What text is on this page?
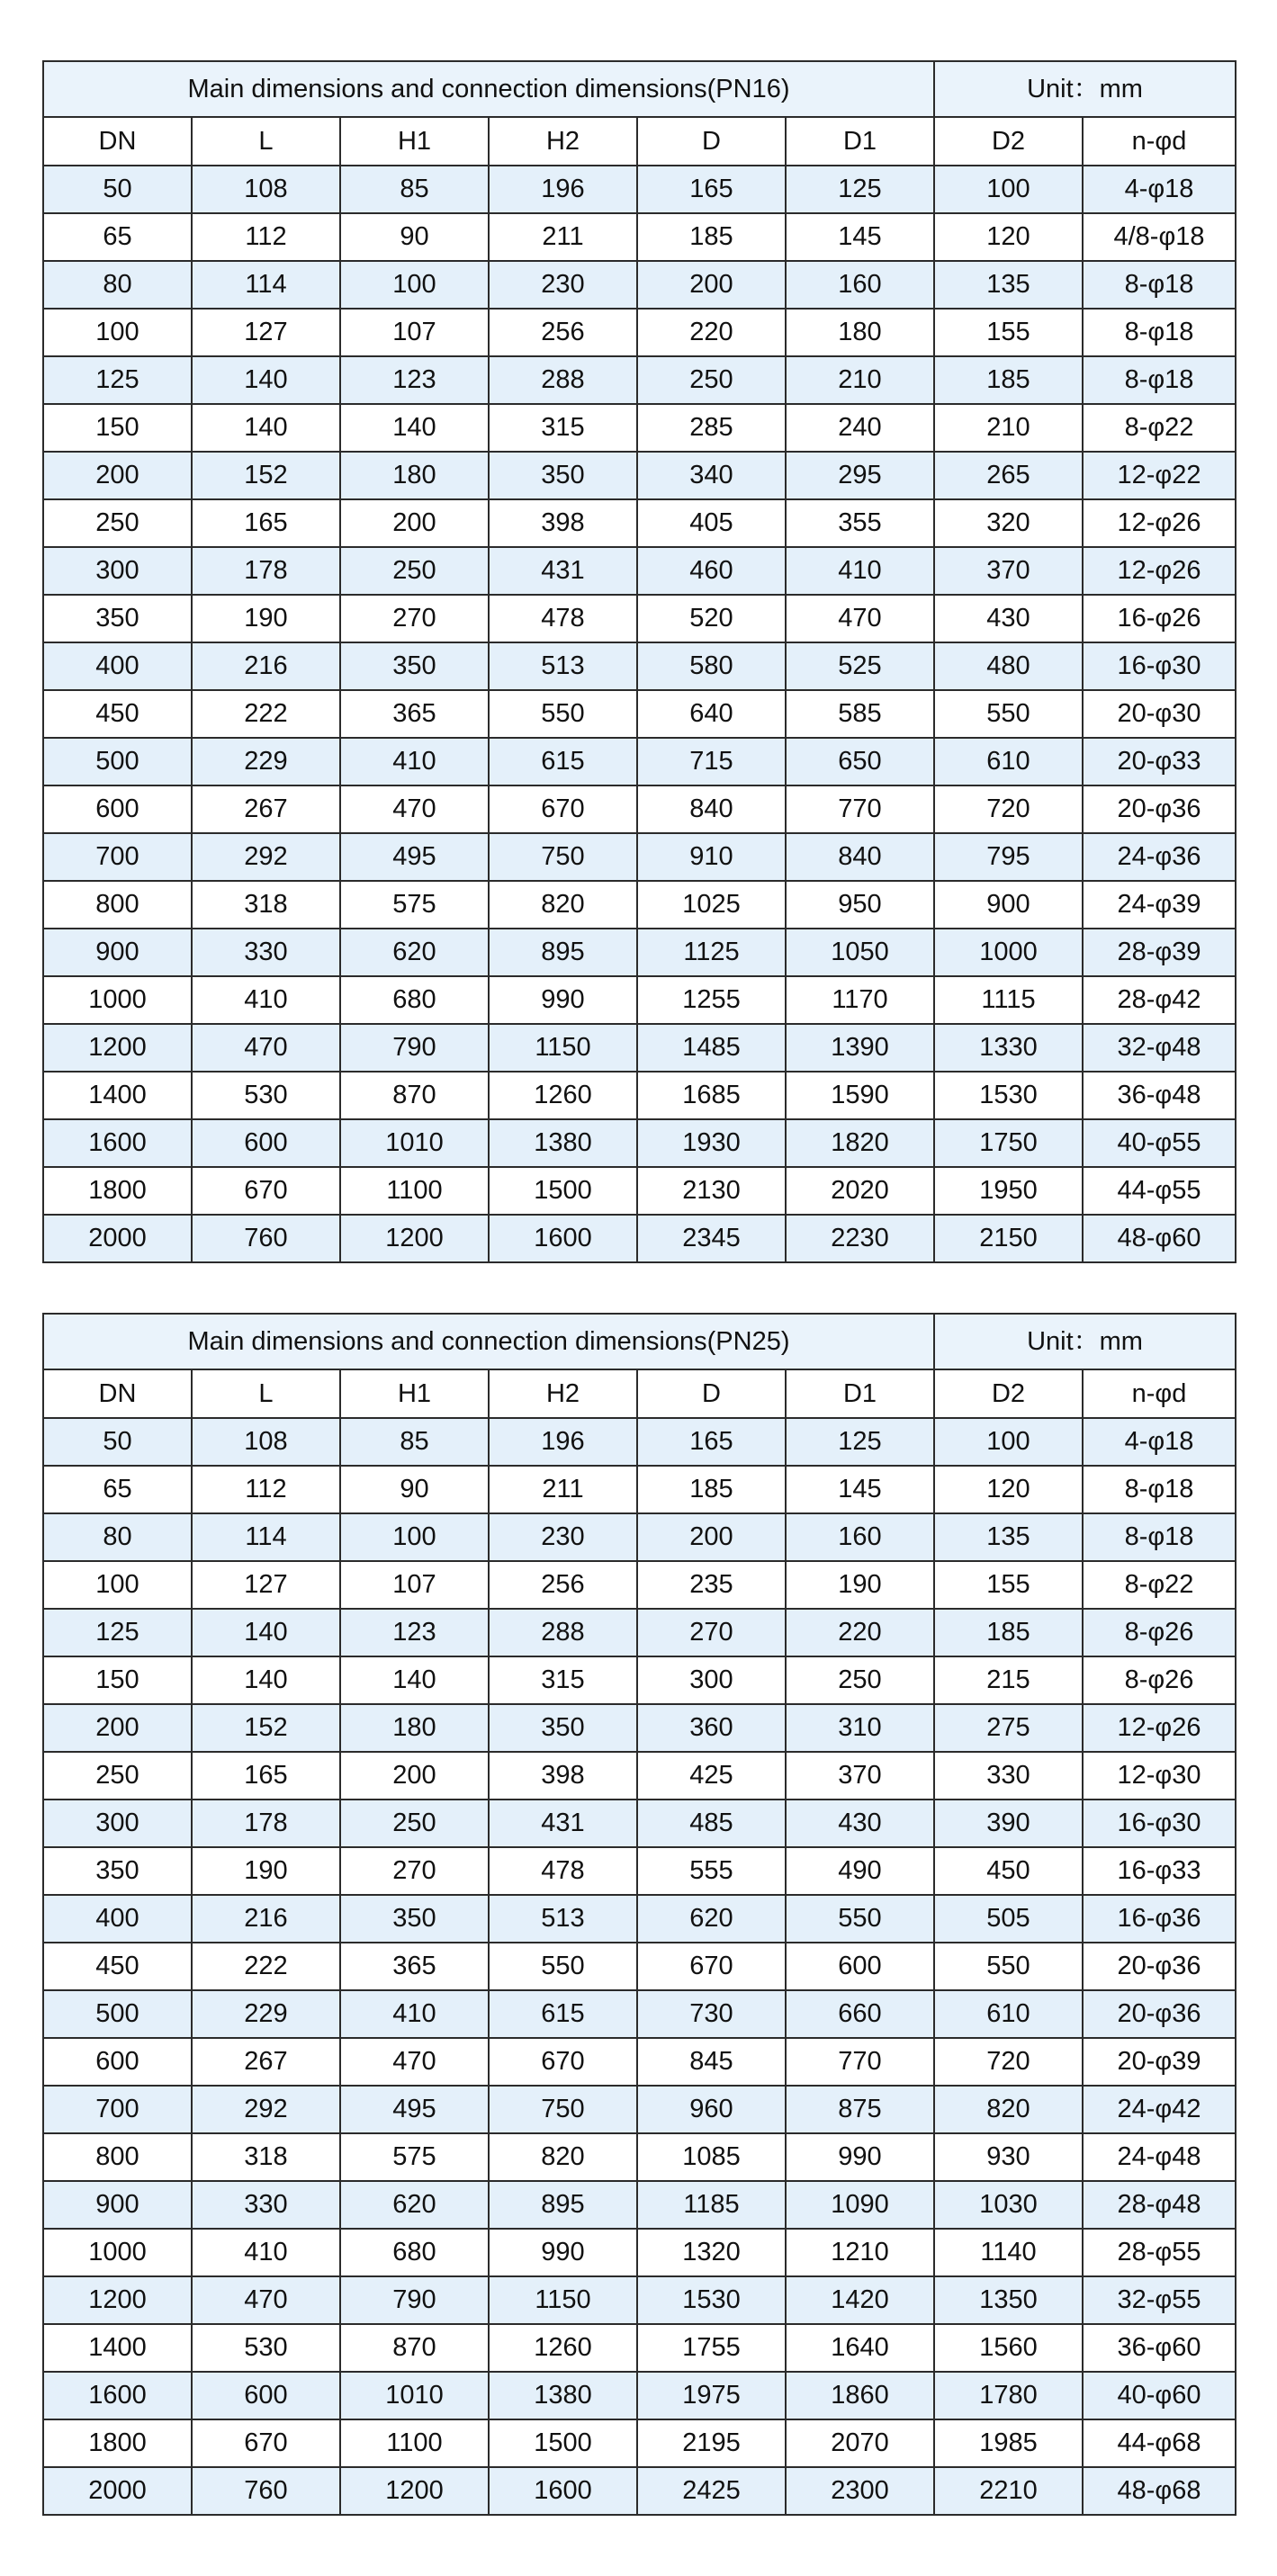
Main dimensions and connection dimensions(PN16)						Unit：mm	
DN	L	H1	H2	D	D1	D2	n-φd
50	108	85	196	165	125	100	4-φ18
65	112	90	211	185	145	120	4/8-φ18
80	114	100	230	200	160	135	8-φ18
100	127	107	256	220	180	155	8-φ18
125	140	123	288	250	210	185	8-φ18
150	140	140	315	285	240	210	8-φ22
200	152	180	350	340	295	265	12-φ22
250	165	200	398	405	355	320	12-φ26
300	178	250	431	460	410	370	12-φ26
350	190	270	478	520	470	430	16-φ26
400	216	350	513	580	525	480	16-φ30
450	222	365	550	640	585	550	20-φ30
500	229	410	615	715	650	610	20-φ33
600	267	470	670	840	770	720	20-φ36
700	292	495	750	910	840	795	24-φ36
800	318	575	820	1025	950	900	24-φ39
900	330	620	895	1125	1050	1000	28-φ39
1000	410	680	990	1255	1170	1115	28-φ42
1200	470	790	1150	1485	1390	1330	32-φ48
1400	530	870	1260	1685	1590	1530	36-φ48
1600	600	1010	1380	1930	1820	1750	40-φ55
1800	670	1100	1500	2130	2020	1950	44-φ55
2000	760	1200	1600	2345	2230	2150	48-φ60
Main dimensions and connection dimensions(PN25)						Unit：mm	
DN	L	H1	H2	D	D1	D2	n-φd
50	108	85	196	165	125	100	4-φ18
65	112	90	211	185	145	120	8-φ18
80	114	100	230	200	160	135	8-φ18
100	127	107	256	235	190	155	8-φ22
125	140	123	288	270	220	185	8-φ26
150	140	140	315	300	250	215	8-φ26
200	152	180	350	360	310	275	12-φ26
250	165	200	398	425	370	330	12-φ30
300	178	250	431	485	430	390	16-φ30
350	190	270	478	555	490	450	16-φ33
400	216	350	513	620	550	505	16-φ36
450	222	365	550	670	600	550	20-φ36
500	229	410	615	730	660	610	20-φ36
600	267	470	670	845	770	720	20-φ39
700	292	495	750	960	875	820	24-φ42
800	318	575	820	1085	990	930	24-φ48
900	330	620	895	1185	1090	1030	28-φ48
1000	410	680	990	1320	1210	1140	28-φ55
1200	470	790	1150	1530	1420	1350	32-φ55
1400	530	870	1260	1755	1640	1560	36-φ60
1600	600	1010	1380	1975	1860	1780	40-φ60
1800	670	1100	1500	2195	2070	1985	44-φ68
2000	760	1200	1600	2425	2300	2210	48-φ68
